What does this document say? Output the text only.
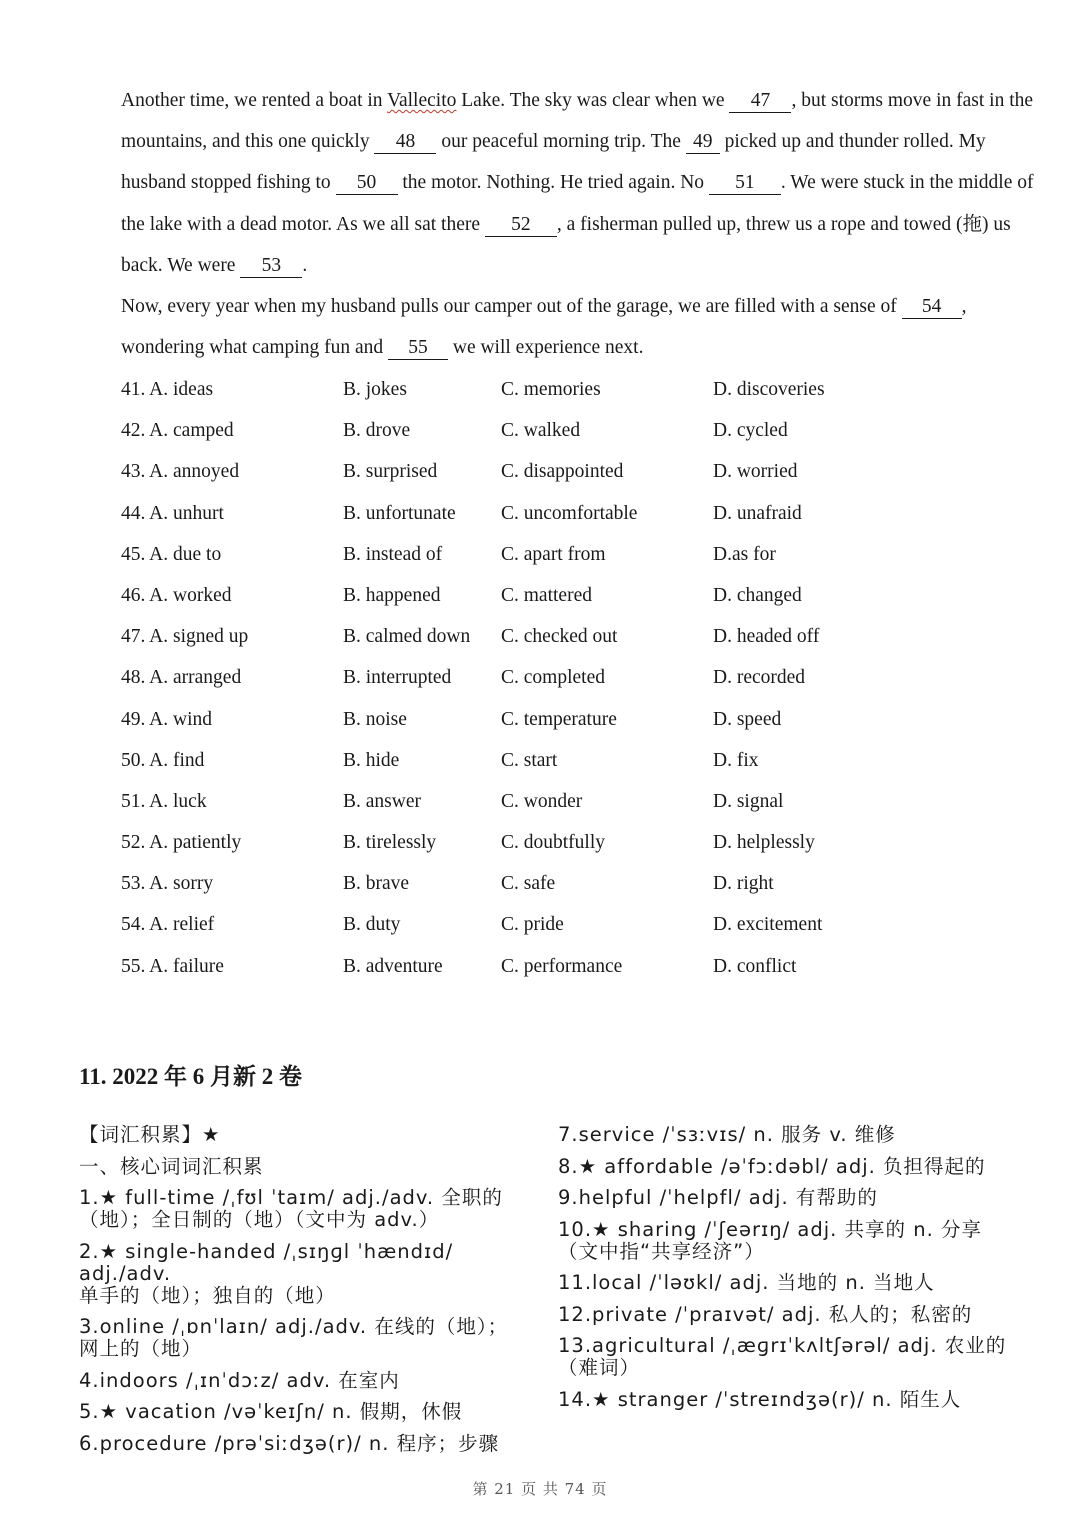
Another time, we rented a boat in Vallecito Lake. The sky was clear when we 47 , but storms move in fast in the mountains, and this one quickly 48 our peaceful morning trip. The 49 picked up and thunder rolled. My husband stopped fishing to 50 the motor. Nothing. He tried again. No 51 . We were stuck in the middle of the lake with a dead motor. As we all sat there 52 , a fisherman pulled up, threw us a rope and towed (拖) us back. We were 53 .

Now, every year when my husband pulls our camper out of the garage, we are filled with a sense of 54 , wondering what camping fun and 55 we will experience next.

41. A. ideas	B. jokes	C. memories	D. discoveries
42. A. camped	B. drove	C. walked	D. cycled
43. A. annoyed	B. surprised	C. disappointed	D. worried
44. A. unhurt	B. unfortunate C. uncomfortable	D. unafraid
45. A. due to	B. instead of	C. apart from	D.as for
46. A. worked	B. happened	C. mattered	D. changed
47. A. signed up	B. calmed down C. checked out	D. headed off
48. A. arranged	B. interrupted	C. completed	D. recorded
49. A. wind	B. noise	C. temperature	D. speed
50. A. find	B. hide	C. start	D. fix
51. A. luck	B. answer	C. wonder	D. signal
52. A. patiently	B. tirelessly	C. doubtfully	D. helplessly
53. A. sorry	B. brave	C. safe	D. right
54. A. relief	B. duty	C. pride	D. excitement
55. A. failure	B. adventure	C. performance	D. conflict
11. 2022 年 6 月新 2 卷
【词汇积累】★
一、核心词词汇积累
1.★ full-time /ˌfʊl ˈtaɪm/ adj./adv. 全职的
（地）；全日制的（地）（文中为 adv.）
2.★ single-handed /ˌsɪŋɡl ˈhændɪd/ adj./adv.
单手的（地）；独自的（地）
3.online /ˌɒnˈlaɪn/ adj./adv. 在线的（地）；
网上的（地）
4.indoors /ˌɪnˈdɔːz/ adv. 在室内
5.★ vacation /vəˈkeɪʃn/ n. 假期，休假
6.procedure /prəˈsiːdʒə(r)/ n. 程序；步骤
7.service /ˈsɜːvɪs/ n. 服务 v. 维修
8.★ affordable /əˈfɔːdəbl/ adj. 负担得起的
9.helpful /ˈhelpfl/ adj. 有帮助的
10.★ sharing /ˈʃeərɪŋ/ adj. 共享的 n. 分享
（文中指“共享经济”）
11.local /ˈləʊkl/ adj. 当地的 n. 当地人
12.private /ˈpraɪvət/ adj. 私人的；私密的
13.agricultural /ˌæɡrɪˈkʌltʃərəl/ adj. 农业的
（难词）
14.★ stranger /ˈstreɪndʒə(r)/ n. 陌生人
第 21 页 共 74 页
